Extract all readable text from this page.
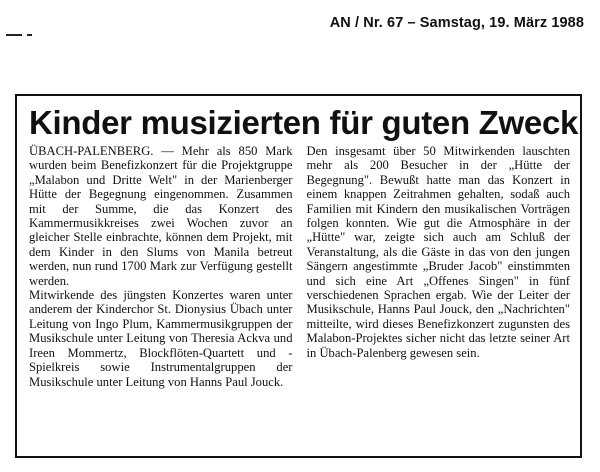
AN / Nr. 67 – Samstag, 19. März 1988
Kinder musizierten für guten Zweck

ÜBACH-PALENBERG. — Mehr als 850 Mark wurden beim Benefizkonzert für die Projektgruppe „Malabon und Dritte Welt" in der Marienberger Hütte der Begegnung eingenommen. Zusammen mit der Summe, die das Konzert des Kammermusikkreises zwei Wochen zuvor an gleicher Stelle einbrachte, können dem Projekt, mit dem Kinder in den Slums von Manila betreut werden, nun rund 1700 Mark zur Verfügung gestellt werden.

Mitwirkende des jüngsten Konzertes waren unter anderem der Kinderchor St. Dionysius Übach unter Leitung von Ingo Plum, Kammermusikgruppen der Musikschule unter Leitung von Theresia Ackva und Ireen Mommertz, Blockflöten-Quartett und -Spielkreis sowie Instrumentalgruppen der Musikschule unter Leitung von Hanns Paul Jouck.

Den insgesamt über 50 Mitwirkenden lauschten mehr als 200 Besucher in der „Hütte der Begegnung". Bewußt hatte man das Konzert in einem knappen Zeitrahmen gehalten, sodaß auch Familien mit Kindern den musikalischen Vorträgen folgen konnten. Wie gut die Atmosphäre in der „Hütte" war, zeigte sich auch am Schluß der Veranstaltung, als die Gäste in das von den jungen Sängern angestimmte „Bruder Jacob" einstimmten und sich eine Art „Offenes Singen" in fünf verschiedenen Sprachen ergab. Wie der Leiter der Musikschule, Hanns Paul Jouck, den „Nachrichten" mitteilte, wird dieses Benefizkonzert zugunsten des Malabon-Projektes sicher nicht das letzte seiner Art in Übach-Palenberg gewesen sein.
